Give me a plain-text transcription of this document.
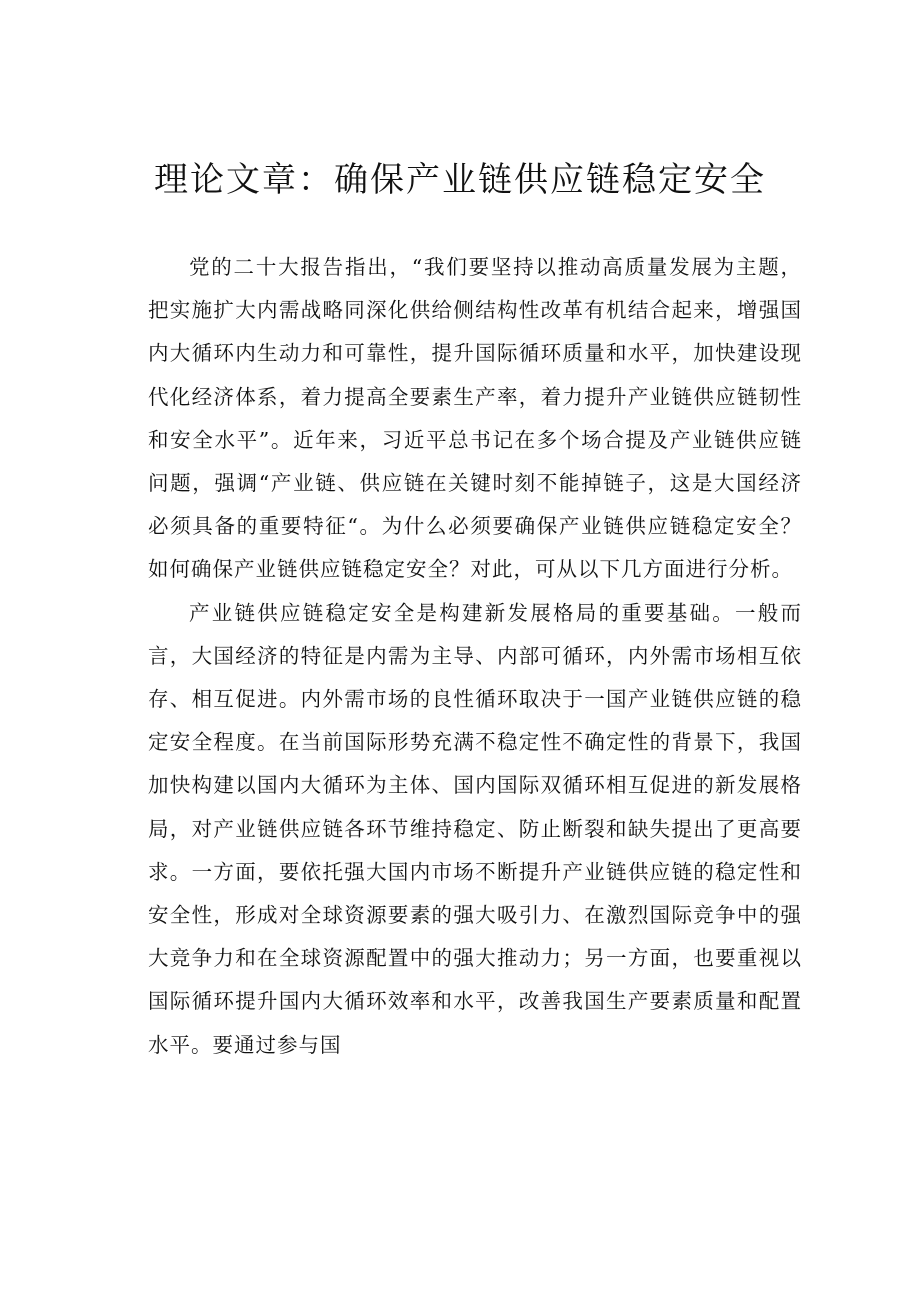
理论文章：确保产业链供应链稳定安全

党的二十大报告指出，“我们要坚持以推动高质量发展为主题，把实施扩大内需战略同深化供给侧结构性改革有机结合起来，增强国内大循环内生动力和可靠性，提升国际循环质量和水平，加快建设现代化经济体系，着力提高全要素生产率，着力提升产业链供应链韧性和安全水平”。近年来，习近平总书记在多个场合提及产业链供应链问题，强调“产业链、供应链在关键时刻不能掉链子，这是大国经济必须具备的重要特征“。为什么必须要确保产业链供应链稳定安全？如何确保产业链供应链稳定安全？对此，可从以下几方面进行分析。

产业链供应链稳定安全是构建新发展格局的重要基础。一般而言，大国经济的特征是内需为主导、内部可循环，内外需市场相互依存、相互促进。内外需市场的良性循环取决于一国产业链供应链的稳定安全程度。在当前国际形势充满不稳定性不确定性的背景下，我国加快构建以国内大循环为主体、国内国际双循环相互促进的新发展格局，对产业链供应链各环节维持稳定、防止断裂和缺失提出了更高要求。一方面，要依托强大国内市场不断提升产业链供应链的稳定性和安全性，形成对全球资源要素的强大吸引力、在激烈国际竞争中的强大竞争力和在全球资源配置中的强大推动力；另一方面，也要重视以国际循环提升国内大循环效率和水平，改善我国生产要素质量和配置水平。要通过参与国
